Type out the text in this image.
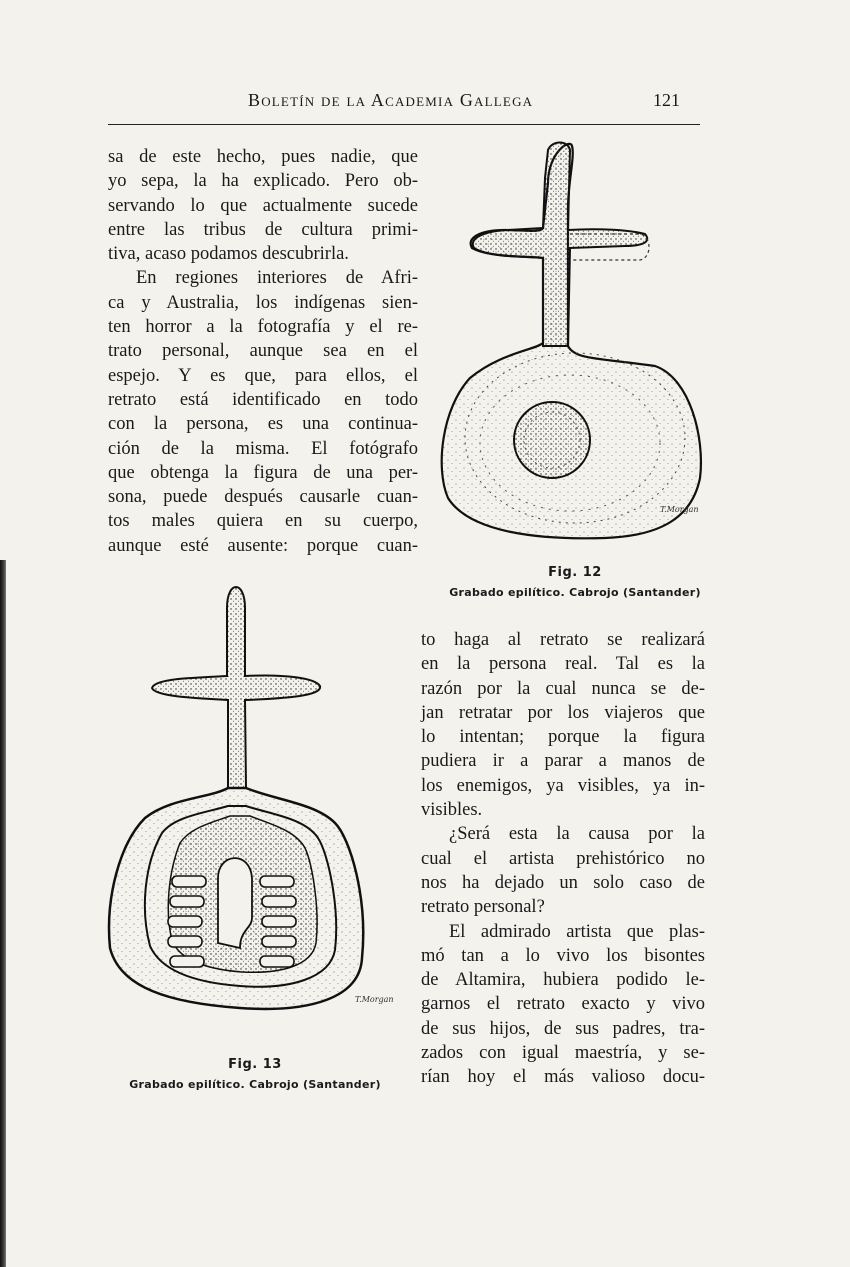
Boletín de la Academia Gallega	121
sa de este hecho, pues nadie, que
yo sepa, la ha explicado. Pero ob-
servando lo que actualmente sucede
entre las tribus de cultura primi-
tiva, acaso podamos descubrirla.
En regiones interiores de Afri-
ca y Australia, los indígenas sien-
ten horror a la fotografía y el re-
trato personal, aunque sea en el
espejo. Y es que, para ellos, el
retrato está identificado en todo
con la persona, es una continua-
ción de la misma. El fotógrafo
que obtenga la figura de una per-
sona, puede después causarle cuan-
tos males quiera en su cuerpo,
aunque esté ausente: porque cuan-
T.Morgan
Fig. 12
Grabado epilítico. Cabrojo (Santander)
T.Morgan
Fig. 13
Grabado epilítico. Cabrojo (Santander)
to haga al retrato se realizará
en la persona real. Tal es la
razón por la cual nunca se de-
jan retratar por los viajeros que
lo intentan; porque la figura
pudiera ir a parar a manos de
los enemigos, ya visibles, ya in-
visibles.
¿Será esta la causa por la
cual el artista prehistórico no
nos ha dejado un solo caso de
retrato personal?
El admirado artista que plas-
mó tan a lo vivo los bisontes
de Altamira, hubiera podido le-
garnos el retrato exacto y vivo
de sus hijos, de sus padres, tra-
zados con igual maestría, y se-
rían hoy el más valioso docu-
